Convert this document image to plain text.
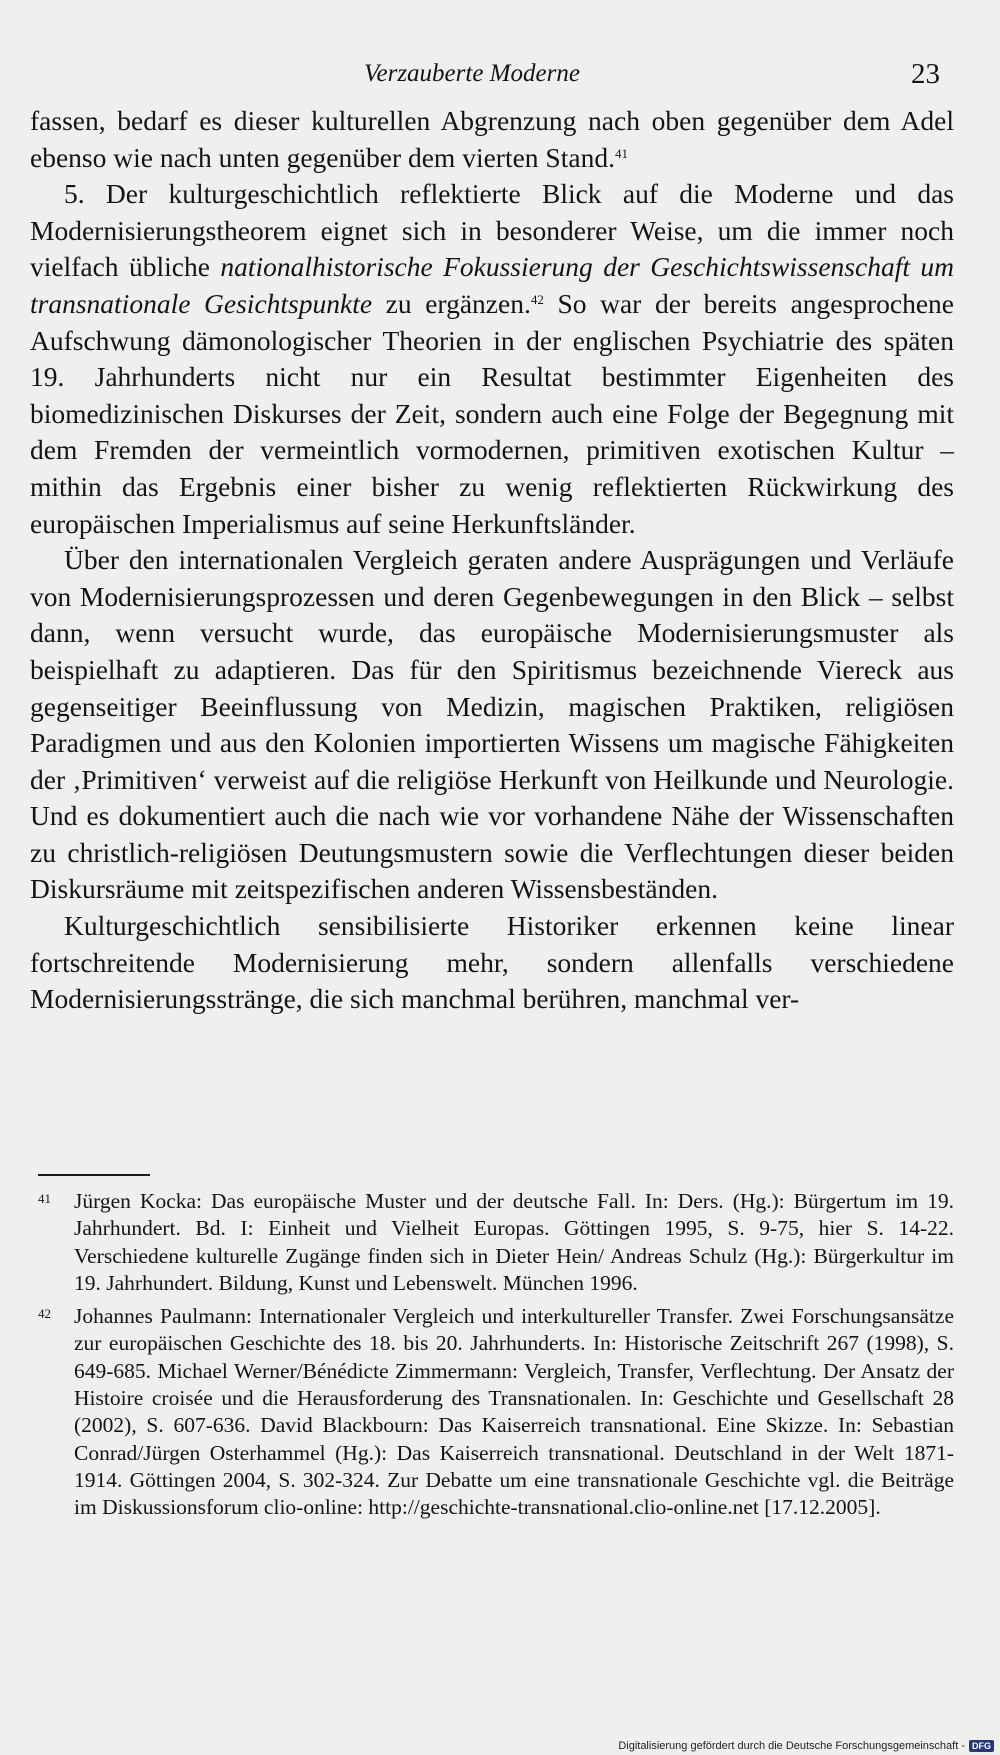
Verzauberte Moderne	23

fassen, bedarf es dieser kulturellen Abgrenzung nach oben gegenüber dem Adel ebenso wie nach unten gegenüber dem vierten Stand.$^{41}$

5. Der kulturgeschichtlich reflektierte Blick auf die Moderne und das Modernisierungstheorem eignet sich in besonderer Weise, um die immer noch vielfach übliche nationalhistorische Fokussierung der Geschichtswissenschaft um transnationale Gesichtspunkte zu ergänzen.$^{42}$ So war der bereits angesprochene Aufschwung dämonologischer Theorien in der englischen Psychiatrie des späten 19. Jahrhunderts nicht nur ein Resultat bestimmter Eigenheiten des biomedizinischen Diskurses der Zeit, sondern auch eine Folge der Begegnung mit dem Fremden der vermeintlich vormodernen, primitiven exotischen Kultur – mithin das Ergebnis einer bisher zu wenig reflektierten Rückwirkung des europäischen Imperialismus auf seine Herkunftsländer.

Über den internationalen Vergleich geraten andere Ausprägungen und Verläufe von Modernisierungsprozessen und deren Gegenbewegungen in den Blick – selbst dann, wenn versucht wurde, das europäische Modernisierungsmuster als beispielhaft zu adaptieren. Das für den Spiritismus bezeichnende Viereck aus gegenseitiger Beeinflussung von Medizin, magischen Praktiken, religiösen Paradigmen und aus den Kolonien importierten Wissens um magische Fähigkeiten der ‚Primitiven‘ verweist auf die religiöse Herkunft von Heilkunde und Neurologie. Und es dokumentiert auch die nach wie vor vorhandene Nähe der Wissenschaften zu christlich-religiösen Deutungsmustern sowie die Verflechtungen dieser beiden Diskursräume mit zeitspezifischen anderen Wissensbeständen.

Kulturgeschichtlich sensibilisierte Historiker erkennen keine linear fortschreitende Modernisierung mehr, sondern allenfalls verschiedene Modernisierungsstränge, die sich manchmal berühren, manchmal ver-

41 Jürgen Kocka: Das europäische Muster und der deutsche Fall. In: Ders. (Hg.): Bürgertum im 19. Jahrhundert. Bd. I: Einheit und Vielheit Europas. Göttingen 1995, S. 9-75, hier S. 14-22. Verschiedene kulturelle Zugänge finden sich in Dieter Hein/ Andreas Schulz (Hg.): Bürgerkultur im 19. Jahrhundert. Bildung, Kunst und Lebenswelt. München 1996.
42 Johannes Paulmann: Internationaler Vergleich und interkultureller Transfer. Zwei Forschungsansätze zur europäischen Geschichte des 18. bis 20. Jahrhunderts. In: Historische Zeitschrift 267 (1998), S. 649-685. Michael Werner/Bénédicte Zimmermann: Vergleich, Transfer, Verflechtung. Der Ansatz der Histoire croisée und die Herausforderung des Transnationalen. In: Geschichte und Gesellschaft 28 (2002), S. 607-636. David Blackbourn: Das Kaiserreich transnational. Eine Skizze. In: Sebastian Conrad/Jürgen Osterhammel (Hg.): Das Kaiserreich transnational. Deutschland in der Welt 1871-1914. Göttingen 2004, S. 302-324. Zur Debatte um eine transnationale Geschichte vgl. die Beiträge im Diskussionsforum clio-online: http://geschichte-transnational.clio-online.net [17.12.2005].
Digitalisierung gefördert durch die Deutsche Forschungsgemeinschaft - DFG
